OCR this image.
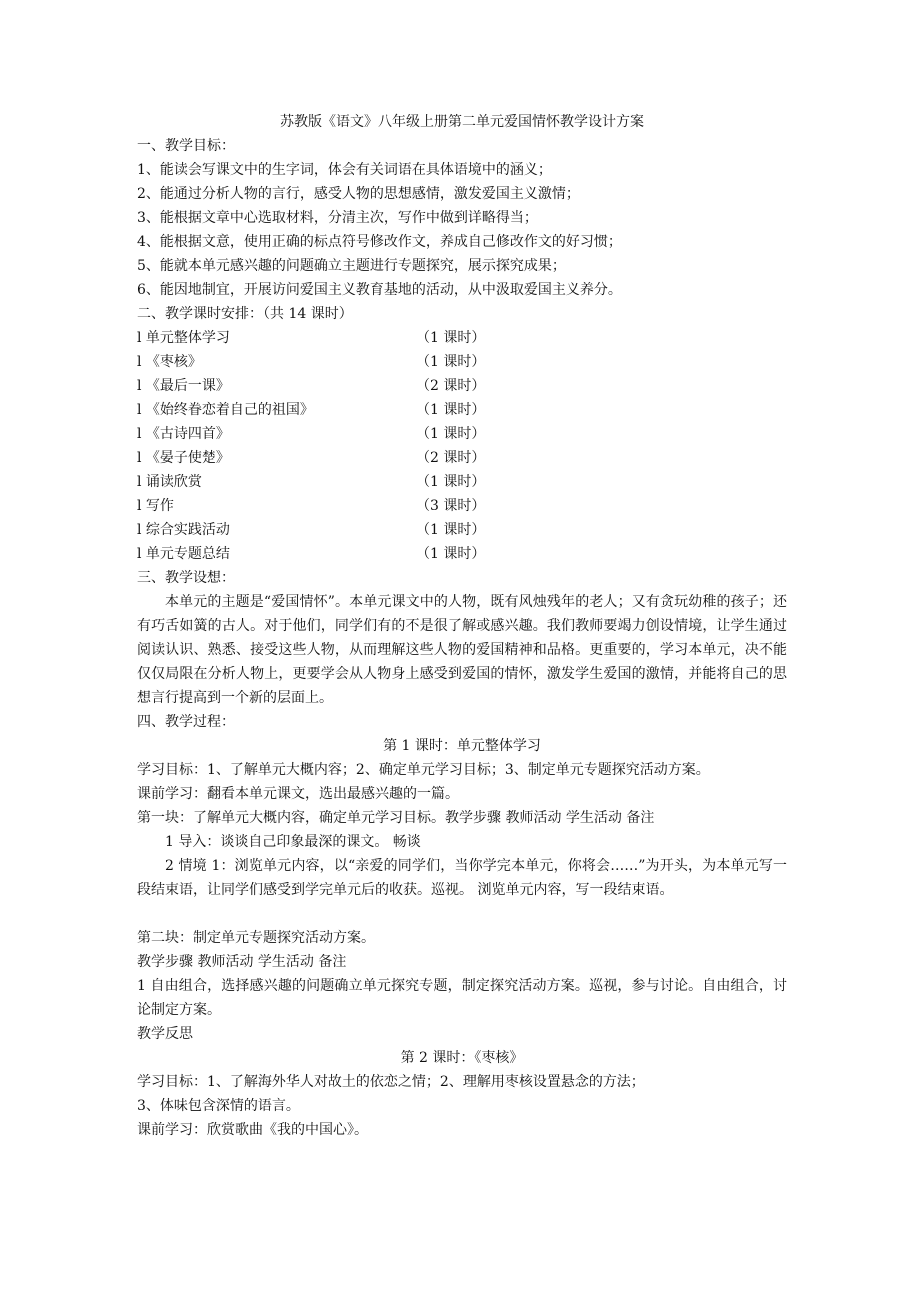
苏教版《语文》八年级上册第二单元爱国情怀教学设计方案
一、教学目标：
1、能读会写课文中的生字词，体会有关词语在具体语境中的涵义；
2、能通过分析人物的言行，感受人物的思想感情，激发爱国主义激情；
3、能根据文章中心选取材料，分清主次，写作中做到详略得当；
4、能根据文意，使用正确的标点符号修改作文，养成自己修改作文的好习惯；
5、能就本单元感兴趣的问题确立主题进行专题探究，展示探究成果；
6、能因地制宜，开展访问爱国主义教育基地的活动，从中汲取爱国主义养分。
二、教学课时安排：（共 14 课时）
l 单元整体学习	（1 课时）
l 《枣核》	（1 课时）
l 《最后一课》	（2 课时）
l 《始终眷恋着自己的祖国》	（1 课时）
l 《古诗四首》	（1 课时）
l 《晏子使楚》	（2 课时）
l 诵读欣赏	（1 课时）
l 写作	（3 课时）
l 综合实践活动	（1 课时）
l 单元专题总结	（1 课时）
三、教学设想：
本单元的主题是“爱国情怀”。本单元课文中的人物，既有风烛残年的老人；又有贪玩幼稚的孩子；还有巧舌如簧的古人。对于他们，同学们有的不是很了解或感兴趣。我们教师要竭力创设情境，让学生通过阅读认识、熟悉、接受这些人物，从而理解这些人物的爱国精神和品格。更重要的，学习本单元，决不能仅仅局限在分析人物上，更要学会从人物身上感受到爱国的情怀，激发学生爱国的激情，并能将自己的思想言行提高到一个新的层面上。
四、教学过程：
第 1 课时：单元整体学习
学习目标：1、了解单元大概内容；2、确定单元学习目标；3、制定单元专题探究活动方案。
课前学习：翻看本单元课文，选出最感兴趣的一篇。
第一块：了解单元大概内容，确定单元学习目标。教学步骤 教师活动 学生活动 备注
1 导入：谈谈自己印象最深的课文。 畅谈
2 情境 1：浏览单元内容，以“亲爱的同学们，当你学完本单元，你将会……”为开头，为本单元写一段结束语，让同学们感受到学完单元后的收获。巡视。 浏览单元内容，写一段结束语。
第二块：制定单元专题探究活动方案。
教学步骤 教师活动 学生活动 备注
1 自由组合，选择感兴趣的问题确立单元探究专题，制定探究活动方案。巡视，参与讨论。自由组合，讨论制定方案。
教学反思
第 2 课时：《枣核》
学习目标：1、了解海外华人对故土的依恋之情；2、理解用枣核设置悬念的方法；
3、体味包含深情的语言。
课前学习：欣赏歌曲《我的中国心》。
